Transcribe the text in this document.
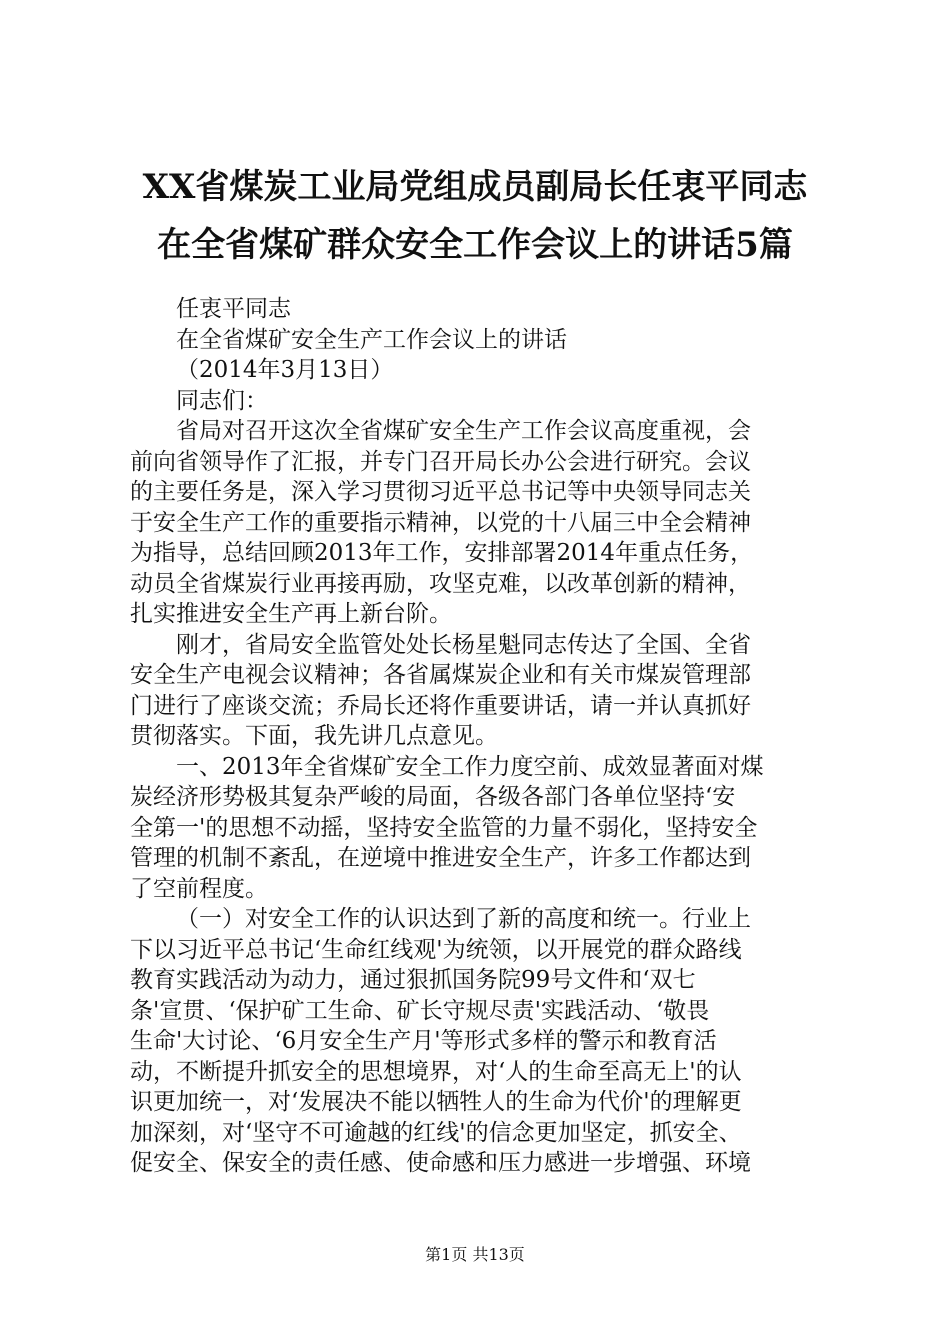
XX省煤炭工业局党组成员副局长任衷平同志
在全省煤矿群众安全工作会议上的讲话5篇
任衷平同志
在全省煤矿安全生产工作会议上的讲话
（2014年3月13日）
同志们：
省局对召开这次全省煤矿安全生产工作会议高度重视，会
前向省领导作了汇报，并专门召开局长办公会进行研究。会议
的主要任务是，深入学习贯彻习近平总书记等中央领导同志关
于安全生产工作的重要指示精神，以党的十八届三中全会精神
为指导，总结回顾2013年工作，安排部署2014年重点任务，
动员全省煤炭行业再接再励，攻坚克难，以改革创新的精神，
扎实推进安全生产再上新台阶。
刚才，省局安全监管处处长杨星魁同志传达了全国、全省
安全生产电视会议精神；各省属煤炭企业和有关市煤炭管理部
门进行了座谈交流；乔局长还将作重要讲话，请一并认真抓好
贯彻落实。下面，我先讲几点意见。
一、2013年全省煤矿安全工作力度空前、成效显著面对煤
炭经济形势极其复杂严峻的局面，各级各部门各单位坚持‘安
全第一'的思想不动摇，坚持安全监管的力量不弱化，坚持安全
管理的机制不紊乱，在逆境中推进安全生产，许多工作都达到
了空前程度。
（一）对安全工作的认识达到了新的高度和统一。行业上
下以习近平总书记‘生命红线观'为统领，以开展党的群众路线
教育实践活动为动力，通过狠抓国务院99号文件和‘双七
条'宣贯、‘保护矿工生命、矿长守规尽责'实践活动、‘敬畏
生命'大讨论、‘6月安全生产月'等形式多样的警示和教育活
动，不断提升抓安全的思想境界，对‘人的生命至高无上'的认
识更加统一，对‘发展决不能以牺牲人的生命为代价'的理解更
加深刻，对‘坚守不可逾越的红线'的信念更加坚定，抓安全、
促安全、保安全的责任感、使命感和压力感进一步增强、环境
第1页 共13页
